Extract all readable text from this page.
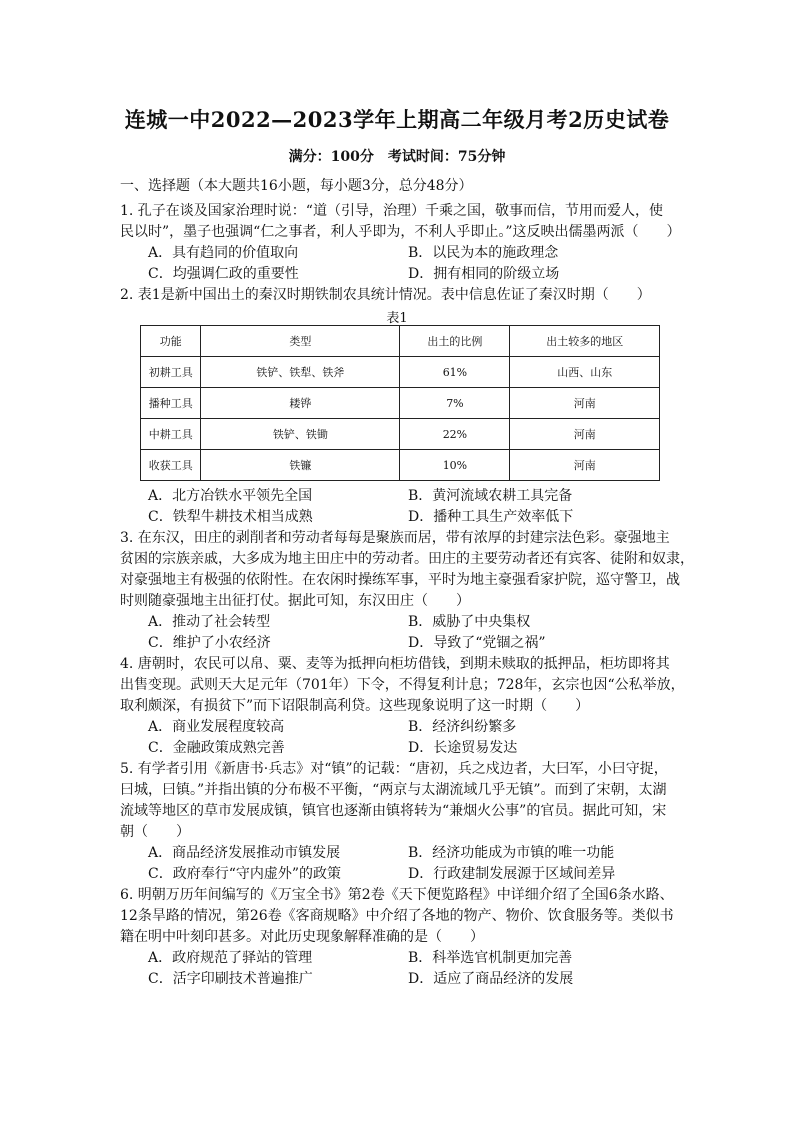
连城一中2022—2023学年上期高二年级月考2历史试卷
满分：100分　考试时间：75分钟
一、选择题（本大题共16小题，每小题3分，总分48分）
1. 孔子在谈及国家治理时说：“道（引导，治理）千乘之国，敬事而信，节用而爱人，使
民以时”，墨子也强调“仁之事者，利人乎即为，不利人乎即止。”这反映出儒墨两派（　　）
A．具有趋同的价值取向	B．以民为本的施政理念
C．均强调仁政的重要性	D．拥有相同的阶级立场
2. 表1是新中国出土的秦汉时期铁制农具统计情况。表中信息佐证了秦汉时期（　　）
表1
功能	类型	出土的比例	出土较多的地区
初耕工具	铁铲、铁犁、铁斧	61%	山西、山东
播种工具	耧铧	7%	河南
中耕工具	铁铲、铁锄	22%	河南
收获工具	铁镰	10%	河南
A．北方冶铁水平领先全国	B．黄河流域农耕工具完备
C．铁犁牛耕技术相当成熟	D．播种工具生产效率低下
3. 在东汉，田庄的剥削者和劳动者每每是聚族而居，带有浓厚的封建宗法色彩。豪强地主
贫困的宗族亲戚，大多成为地主田庄中的劳动者。田庄的主要劳动者还有宾客、徒附和奴隶，
对豪强地主有极强的依附性。在农闲时操练军事，平时为地主豪强看家护院，巡守警卫，战
时则随豪强地主出征打仗。据此可知，东汉田庄（　　）
A．推动了社会转型	B．威胁了中央集权
C．维护了小农经济	D．导致了“党锢之祸”
4. 唐朝时，农民可以帛、粟、麦等为抵押向柜坊借钱，到期未赎取的抵押品，柜坊即将其
出售变现。武则天大足元年（701年）下令，不得复利计息；728年，玄宗也因“公私举放，
取利颇深，有损贫下”而下诏限制高利贷。这些现象说明了这一时期（　　）
A．商业发展程度较高	B．经济纠纷繁多
C．金融政策成熟完善	D．长途贸易发达
5. 有学者引用《新唐书·兵志》对“镇”的记载：“唐初，兵之戍边者，大曰军，小曰守捉，
曰城，曰镇。”并指出镇的分布极不平衡，“两京与太湖流域几乎无镇”。而到了宋朝，太湖
流域等地区的草市发展成镇，镇官也逐渐由镇将转为“兼烟火公事”的官员。据此可知，宋
朝（　　）
A．商品经济发展推动市镇发展	B．经济功能成为市镇的唯一功能
C．政府奉行“守内虚外”的政策	D．行政建制发展源于区域间差异
6. 明朝万历年间编写的《万宝全书》第2卷《天下便览路程》中详细介绍了全国6条水路、
12条旱路的情况，第26卷《客商规略》中介绍了各地的物产、物价、饮食服务等。类似书
籍在明中叶刻印甚多。对此历史现象解释准确的是（　　）
A．政府规范了驿站的管理	B．科举选官机制更加完善
C．活字印刷技术普遍推广	D．适应了商品经济的发展
